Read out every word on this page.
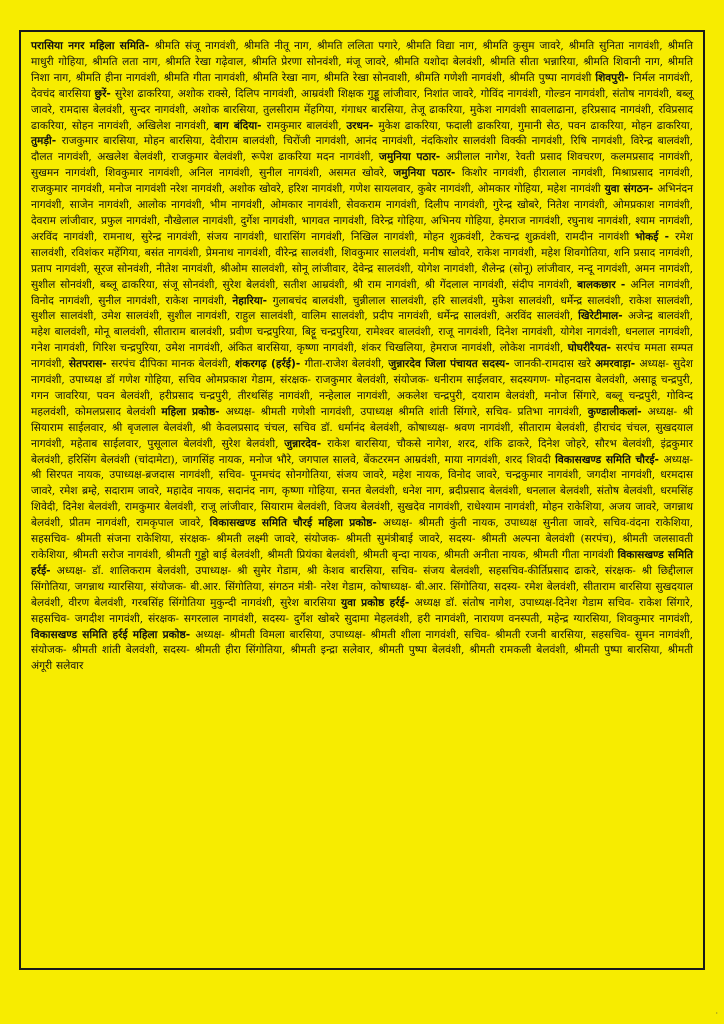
परासिया नगर महिला समिति- श्रीमति संजू नागवंशी, श्रीमति नीतू नाग, श्रीमति ललिता पगारे, श्रीमति विद्या नाग, श्रीमति कुसुम जावरे, श्रीमति सुनिता नागवंशी, श्रीमति माधुरी गोहिया, श्रीमति लता नाग, श्रीमति रेखा गढ़ेवाल, श्रीमति प्रेरणा सोनवंशी, मंजू जावरे, श्रीमति यशोदा बेलवंशी, श्रीमति सीता भन्नारिया, श्रीमति शिवानी नाग, श्रीमति निशा नाग, श्रीमति हीना नागवंशी, श्रीमति गीता नागवंशी, श्रीमति रेखा नाग, श्रीमति रेखा सोनवाशी, श्रीमति गणेशी नागवंशी, श्रीमति पुष्पा नागवंशी शिवपुरी- निर्मल नागवंशी, देवचंद बारसिया छुरें- सुरेश ढाकरिया, अशोक राक्से, दिलिप नागवंशी, आम्रवंशी शिक्षक गुड्डू लांजीवार, निशांत जावरे, गोविंद नागवंशी, गोल्डन नागवंशी, संतोष नागवंशी, बब्लू जावरे, रामदास बेलवंशी, सुन्दर नागवंशी, अशोक बारसिया, तुलसीराम मेंहगिया, गंगाधर बारसिया, तेजू ढाकरिया, मुकेश नागवंशी सावलाढाना, हरिप्रसाद नागवंशी, रविप्रसाद ढाकरिया, सोहन नागवंशी, अखिलेश नागवंशी, बाग बंदिया- रामकुमार बालवंशी, उरधन- मुकेश ढाकरिया, फदाली ढाकरिया, गुमानी सेठ, पवन ढाकरिया, मोहन ढाकरिया, तुमड़ी- राजकुमार बारसिया, मोहन बारसिया, देवीराम बालवंशी, चिरोंजी नागवंशी, आनंद नागवंशी, नंदकिशोर सालवंशी विक्की नागवंशी, रिषि नागवंशी, विरेन्द्र बालवंशी, दौलत नागवंशी, अखलेश बेलवंशी, राजकुमार बेलवंशी, रूपेश ढाकरिया मदन नागवंशी, जमुनिया पठार- अप्रीलाल नागेश, रेवती प्रसाद शिवचरण, कलमप्रसाद नागवंशी, सुखमन नागवंशी, शिवकुमार नागवंशी, अनिल नागवंशी, सुनील नागवंशी, असमत खोवरे, जमुनिया पठार- किशोर नागवंशी, हीरालाल नागवंशी, मिश्राप्रसाद नागवंशी, राजकुमार नागवंशी, मनोज नागवंशी नरेश नागवंशी, अशोक खोवरे, हरिश नागवंशी, गणेश सायलवार, कुबेर नागवंशी, ओमकार गोहिया, महेश नागवंशी युवा संगठन- अभिनंदन नागवंशी, साजेन नागवंशी, आलोक नागवंशी, भीम नागवंशी, ओमकार नागवंशी, सेवकराम नागवंशी, दिलीप नागवंशी, गुरेन्द्र खोबरे, नितेश नागवंशी, ओमप्रकाश नागवंशी, देवराम लांजीवार, प्रफुल नागवंशी, नौखेलाल नागवंशी, दुर्गेश नागवंशी, भागवत नागवंशी, विरेन्द्र गोहिया, अभिनय गोहिया, हेमराज नागवंशी, रघुनाथ नागवंशी, श्याम नागवंशी, अरविंद नागवंशी, रामनाथ, सुरेन्द्र नागवंशी, संजय नागवंशी, धारासिंग नागवंशी, निखिल नागवंशी, मोहन शुक्रवंशी, टेकचन्द्र शुक्रवंशी, रामदीन नागवंशी भोकई - रमेश सालवंशी, रविशंकर महेंगिया, बसंत नागवंशी, प्रेमनाथ नागवंशी, वीरेन्द्र सालवंशी, शिवकुमार सालवंशी, मनीष खोवरे, राकेश नागवंशी, महेश शिवगोतिया, शनि प्रसाद नागवंशी, प्रताप नागवंशी, सूरज सोनवंशी, नीतेश नागवंशी, श्रीओम सालवंशी, सोनू लांजीवार, देवेन्द्र सालवंशी, योगेश नागवंशी, शैलेन्द्र (सोनू) लांजीवार, नन्दू नागवंशी, अमन नागवंशी, सुशील सोनवंशी, बब्लू ढाकरिया, संजू सोनवंशी, सुरेश बेलवंशी, सतीश आम्रवंशी, श्री राम नागवंशी, श्री गेंदलाल नागवंशी, संदीप नागवंशी, बालकछार - अनिल नागवंशी, विनोद नागवंशी, सुनील नागवंशी, राकेश नागवंशी, नेहारिया- गुलाबचंद बालवंशी, चुन्नीलाल सालवंशी, हरि सालवंशी, मुकेश सालवंशी, धर्मेन्द्र सालवंशी, राकेश सालवंशी, सुशील सालवंशी, उमेश सालवंशी, सुशील नागवंशी, राहुल सालवंशी, वालिम सालवंशी, प्रदीप नागवंशी, धर्मेन्द्र सालवंशी, अरविंद सालवंशी, खिरेटीमाल- अजेन्द्र बालवंशी, महेश बालवंशी, मोनू बालवंशी, सीताराम बालवंशी, प्रवीण चन्द्रपुरिया, बिट्टू चन्द्रपुरिया, रामेश्वर बालवंशी, राजू नागवंशी, दिनेश नागवंशी, योगेश नागवंशी, धनलाल नागवंशी, गनेश नागवंशी, गिरिश चन्द्रपुरिया, उमेश नागवंशी, अंकित बारसिया, कृष्णा नागवंशी, शंकर चिखलिया, हेमराज नागवंशी, लोकेश नागवंशी, घोघरीरैयत- सरपंच ममता सम्पत नागवंशी, सेतपरास- सरपंच दीपिका मानक बेलवंशी, शंकरगढ़ (हर्रई)- गीता-राजेश बेलवंशी, जुन्नारदेव जिला पंचायत सदस्य- जानकी-रामदास खरे अमरवाड़ा- अध्यक्ष- सुदेश नागवंशी, उपाध्यक्ष डॉ गणेश गोहिया, सचिव ओमप्रकाश गेडाम, संरक्षक- राजकुमार बेलवंशी, संयोजक- धनीराम साईलवार, सदस्यगण- मोहनदास बेलवंशी, असाडू चन्द्रपुरी, गगन जावरिया, पवन बेलवंशी, हरीप्रसाद चन्द्रपुरी, तीरथसिंह नागवंशी, नन्हेलाल नागवंशी, अकलेश चन्द्रपुरी, दयाराम बेलवंशी, मनोज सिंगारे, बब्लू चन्द्रपुरी, गोविन्द महलवंशी, कोमलप्रसाद बेलवंशी महिला प्रकोष्ठ- अध्यक्ष- श्रीमती गणेशी नागवंशी, उपाध्यक्ष श्रीमति शांती सिंगारे, सचिव- प्रतिभा नागवंशी, कुण्डालीकलां- अध्यक्ष- श्री सियाराम साईलवार, श्री बृजलाल बेलवंशी, श्री केवलप्रसाद चंचल, सचिव डॉ. धर्मानंद बेलवंशी, कोषाध्यक्ष- श्रवण नागवंशी, सीताराम बेलवंशी, हीराचंद चंचल, सुखदयाल नागवंशी, महेताब साईलवार, पुसूलाल बेलवंशी, सुरेश बेलवंशी, जुन्नारदेव- राकेश बारसिया, चौकसे नागेश, शरद, शंकि ढाकरे, दिनेश जोहरे, सौरभ बेलवंशी, इंद्रकुमार बेलवंशी, हरिसिंग बेलवंशी (चांदामेटा), जागसिंह नायक, मनोज भौरे, जगपाल सालवे, बेंकटरमन आम्रवंशी, माया नागवंशी, शरद शिवदी विकासखण्ड समिति चौरई- अध्यक्ष- श्री सिरपत नायक, उपाध्यक्ष-ब्रजदास नागवंशी, सचिव- पूनमचंद सोनगोतिया, संजय जावरे, महेश नायक, विनोद जावरे, चन्द्रकुमार नागवंशी, जगदीश नागवंशी, धरमदास जावरे, रमेश ब्रम्हे, सदाराम जावरे, महादेव नायक, सदानंद नाग, कृष्णा गोहिया, सनत बेलवंशी, धनेश नाग, ब्रदीप्रसाद बेलवंशी, धनलाल बेलवंशी, संतोष बेलवंशी, धरमसिंह शिवेदी, दिनेश बेलवंशी, रामकुमार बेलवंशी, राजू लांजीवार, सियाराम बेलवंशी, विजय बेलवंशी, सुखदेव नागवंशी, राधेश्याम नागवंशी, मोहन राकेशिया, अजय जावरे, जगन्नाथ बेलवंशी, प्रीतम नागवंशी, रामकृपाल जावरे, विकासखण्ड समिति चौरई महिला प्रकोष्ठ- अध्यक्ष- श्रीमती कुंती नायक, उपाध्यक्ष सुनीता जावरे, सचिव-वंदना राकेशिया, सहसचिव- श्रीमती संजना राकेशिया, संरक्षक- श्रीमती लक्ष्मी जावरे, संयोजक- श्रीमती सुमंत्रीबाई जावरे, सदस्य- श्रीमती अल्पना बेलवंशी (सरपंच), श्रीमती जलसावती राकेशिया, श्रीमती सरोज नागवंशी, श्रीमती गुड्डो बाई बेलवंशी, श्रीमती प्रियंका बेलवंशी, श्रीमती बृन्दा नायक, श्रीमती अनीता नायक, श्रीमती गीता नागवंशी विकासखण्ड समिति हर्रई- अध्यक्ष- डॉ. शालिकराम बेलवंशी, उपाध्यक्ष- श्री सुमेर गेडाम, श्री केशव बारसिया, सचिव- संजय बेलवंशी, सहसचिव-कीर्तिप्रसाद ढाकरे, संरक्षक- श्री छिद्दीलाल सिंगोतिया, जगन्नाथ ग्यारसिया, संयोजक- बी.आर. सिंगोतिया, संगठन मंत्री- नरेश गेडाम, कोषाध्यक्ष- बी.आर. सिंगोतिया, सदस्य- रमेश बेलवंशी, सीताराम बारसिया सुखदयाल बेलवंशी, वीरण बेलवंशी, गरबसिंह सिंगोतिया मुकुन्दी नागवंशी, सुरेश बारसिया युवा प्रकोष्ठ हर्रई- अध्यक्ष डॉ. संतोष नागेश, उपाध्यक्ष-दिनेश गेडाम सचिव- राकेश सिंगारे, सहसचिव- जगदीश नागवंशी, संरक्षक- सगरलाल नागवंशी, सदस्य- दुर्गेश खोबरे सुदामा मेहलवंशी, हरी नागवंशी, नारायण वनस्पती, महेन्द्र ग्यारसिया, शिवकुमार नागवंशी, विकासखण्ड समिति हर्रई महिला प्रकोष्ठ- अध्यक्ष- श्रीमती विमला बारसिया, उपाध्यक्ष- श्रीमती शीला नागवंशी, सचिव- श्रीमती रजनी बारसिया, सहसचिव- सुमन नागवंशी, संयोजक- श्रीमती शांती बेलवंशी, सदस्य- श्रीमती हीरा सिंगोतिया, श्रीमती इन्द्रा सलेवार, श्रीमती पुष्पा बेलवंशी, श्रीमती रामकली बेलवंशी, श्रीमती पुष्पा बारसिया, श्रीमती अंगूरी सलेवार

·
